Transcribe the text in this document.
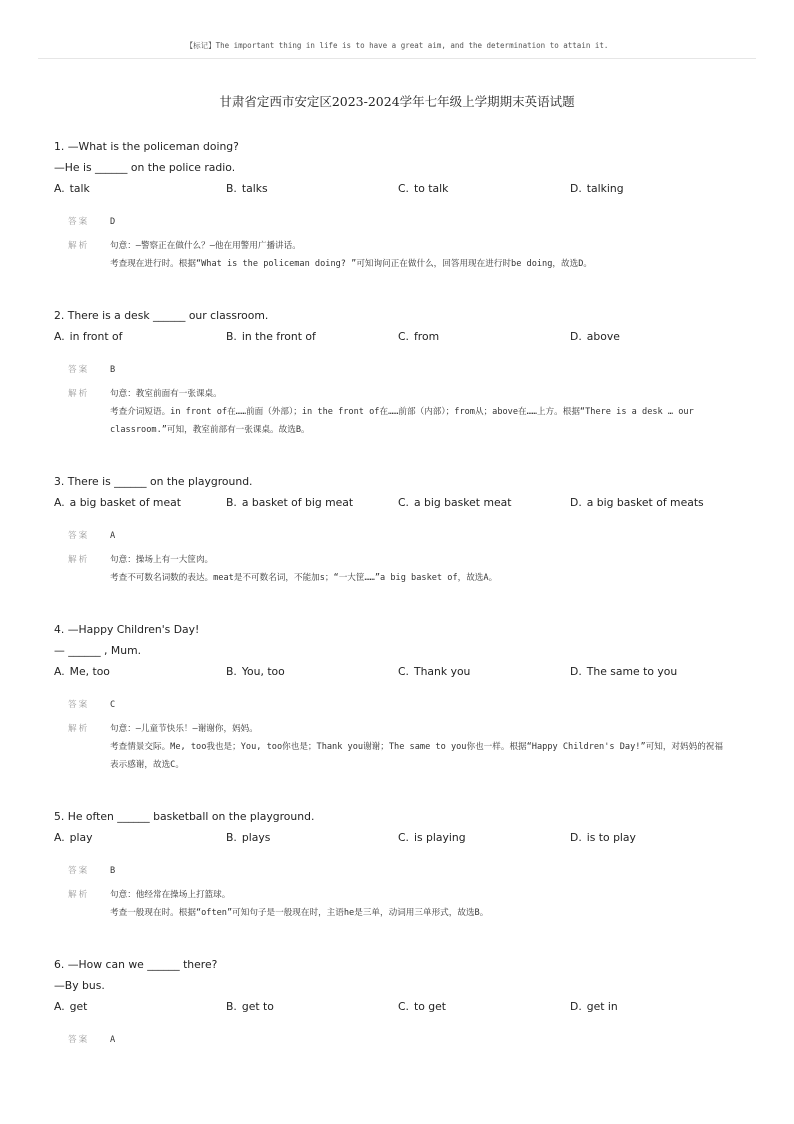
【标记】The important thing in life is to have a great aim, and the determination to attain it.
甘肃省定西市安定区2023-2024学年七年级上学期期末英语试题
1. —What is the policeman doing?
—He is ______ on the police radio.
A. talk	B. talks	C. to talk	D. talking
答案	D
解析	句意：—警察正在做什么？—他在用警用广播讲话。

考查现在进行时。根据“What is the policeman doing? ”可知询问正在做什么，回答用现在进行时be doing，故选D。

2. There is a desk ______ our classroom.
A. in front of	B. in the front of	C. from	D. above
答案	B
解析	句意：教室前面有一张课桌。

考查介词短语。in front of在……前面（外部）；in the front of在……前部（内部）；from从；above在……上方。根据“There is a desk … our classroom.”可知，教室前部有一张课桌。故选B。

3. There is ______ on the playground.
A. a big basket of meat	B. a basket of big meat	C. a big basket meat	D. a big basket of meats
答案	A
解析	句意：操场上有一大筐肉。

考查不可数名词数的表达。meat是不可数名词，不能加s；“一大筐……”a big basket of，故选A。

4. —Happy Children's Day!
— ______ , Mum.
A. Me, too	B. You, too	C. Thank you	D. The same to you
答案	C
解析	句意：—儿童节快乐！—谢谢你，妈妈。

考查情景交际。Me, too我也是；You, too你也是；Thank you谢谢；The same to you你也一样。根据“Happy Children's Day!”可知，对妈妈的祝福表示感谢，故选C。

5. He often ______ basketball on the playground.
A. play	B. plays	C. is playing	D. is to play
答案	B
解析	句意：他经常在操场上打篮球。

考查一般现在时。根据“often”可知句子是一般现在时，主语he是三单，动词用三单形式，故选B。

6. —How can we ______ there?
—By bus.
A. get	B. get to	C. to get	D. get in
答案	A
